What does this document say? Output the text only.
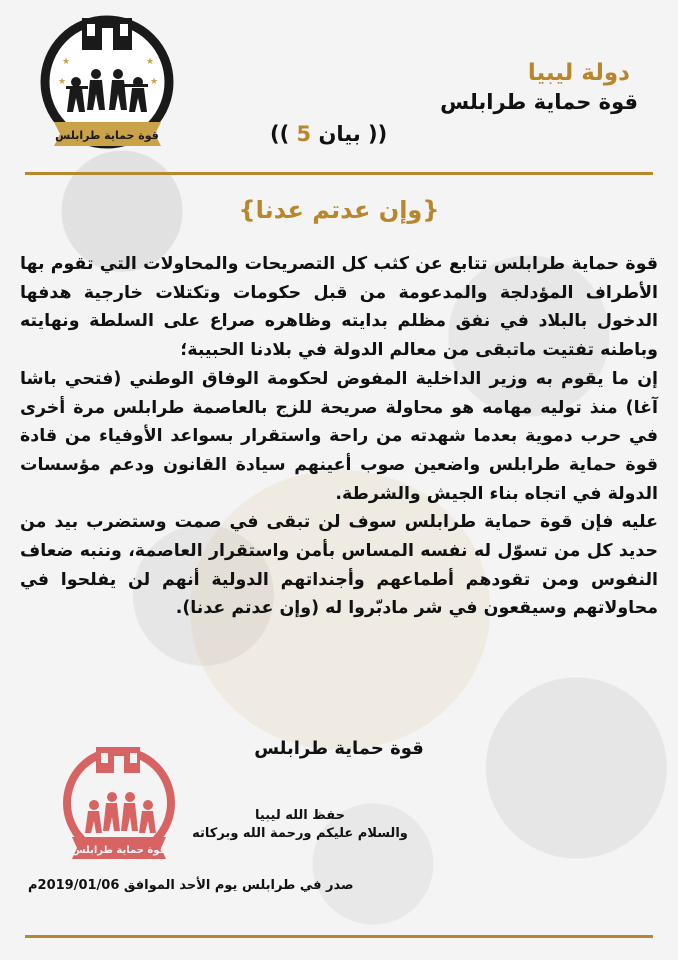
★	★
★	★
قوة حماية طرابلس
دولة ليبيا
قوة حماية طرابلس
(( بيان 5 ))
{وإن عدتم عدنا}

قوة حماية طرابلس تتابع عن كثب كل التصريحات والمحاولات التي تقوم بها الأطراف المؤدلجة والمدعومة من قبل حكومات وتكتلات خارجية هدفها الدخول بالبلاد في نفق مظلم بدايته وظاهره صراع على السلطة ونهايته وباطنه تفتيت ماتبقى من معالم الدولة في بلادنا الحبيبة؛

إن ما يقوم به وزير الداخلية المفوض لحكومة الوفاق الوطني (فتحي باشا آغا) منذ توليه مهامه هو محاولة صريحة للزج بالعاصمة طرابلس مرة أخرى في حرب دموية بعدما شهدته من راحة واستقرار بسواعد الأوفياء من قادة قوة حماية طرابلس واضعين صوب أعينهم سيادة القانون ودعم مؤسسات الدولة في اتجاه بناء الجيش والشرطة.

عليه فإن قوة حماية طرابلس سوف لن تبقى في صمت وستضرب بيد من حديد كل من تسوّل له نفسه المساس بأمن واستقرار العاصمة، وننبه ضعاف النفوس ومن تقودهم أطماعهم وأجنداتهم الدولية أنهم لن يفلحوا في محاولاتهم وسيقعون في شر مادبّروا له (وإن عدتم عدنا).

قوة حماية طرابلس
قوة حماية طرابلس
حفظ الله ليبيا
والسلام عليكم ورحمة الله وبركاته
صدر في طرابلس يوم الأحد الموافق 2019/01/06م
